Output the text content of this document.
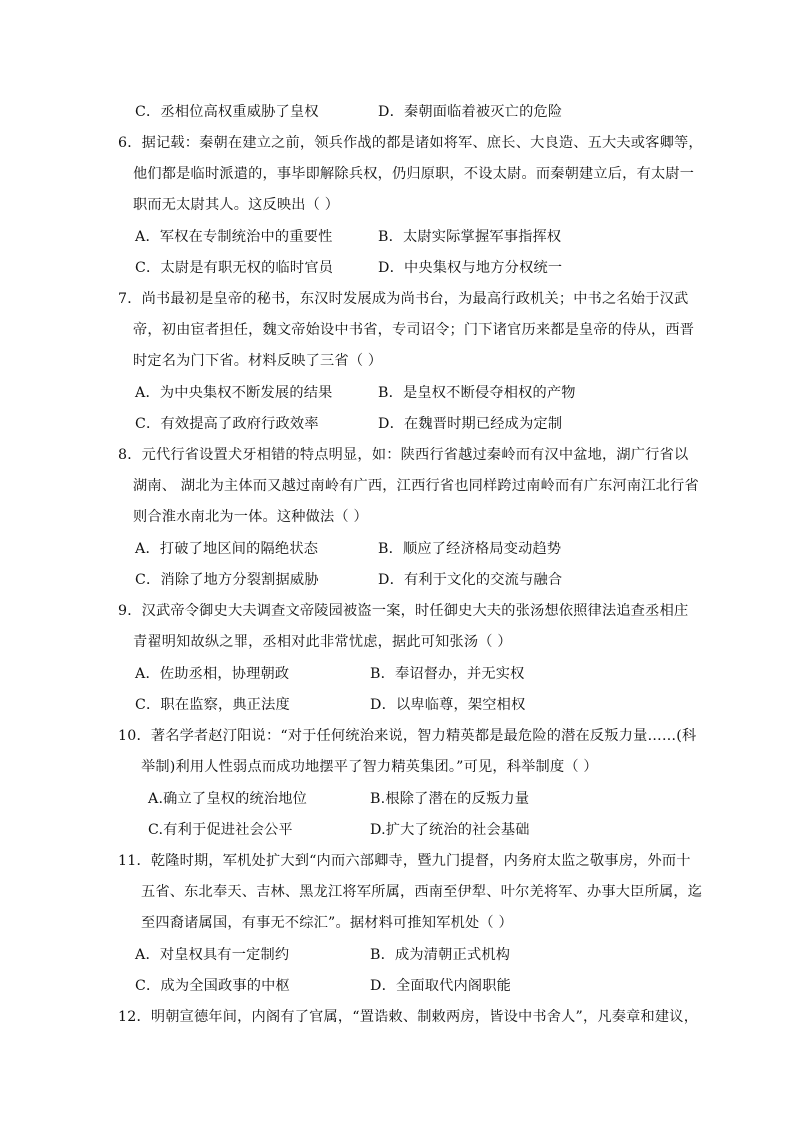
C．丞相位高权重威胁了皇权	D．秦朝面临着被灭亡的危险
6．据记载：秦朝在建立之前，领兵作战的都是诸如将军、庶长、大良造、五大夫或客卿等，
他们都是临时派遣的，事毕即解除兵权，仍归原职，不设太尉。而秦朝建立后，有太尉一
职而无太尉其人。这反映出（ ）
A．军权在专制统治中的重要性	B．太尉实际掌握军事指挥权
C．太尉是有职无权的临时官员	D．中央集权与地方分权统一
7．尚书最初是皇帝的秘书，东汉时发展成为尚书台，为最高行政机关；中书之名始于汉武
帝，初由宦者担任，魏文帝始设中书省，专司诏令；门下诸官历来都是皇帝的侍从，西晋
时定名为门下省。材料反映了三省（ ）
A．为中央集权不断发展的结果	B．是皇权不断侵夺相权的产物
C．有效提高了政府行政效率	D．在魏晋时期已经成为定制
8．元代行省设置犬牙相错的特点明显，如：陕西行省越过秦岭而有汉中盆地，湖广行省以
湖南、 湖北为主体而又越过南岭有广西，江西行省也同样跨过南岭而有广东河南江北行省
则合淮水南北为一体。这种做法（ ）
A．打破了地区间的隔绝状态	B．顺应了经济格局变动趋势
C．消除了地方分裂割据威胁	D．有利于文化的交流与融合
9．汉武帝令御史大夫调查文帝陵园被盗一案，时任御史大夫的张汤想依照律法追查丞相庄
青翟明知故纵之罪，丞相对此非常忧虑，据此可知张汤（ ）
A．佐助丞相，协理朝政	B．奉诏督办，并无实权
C．职在监察，典正法度	D．以卑临尊，架空相权
10．著名学者赵汀阳说：“对于任何统治来说，智力精英都是最危险的潜在反叛力量……(科
举制)利用人性弱点而成功地摆平了智力精英集团。”可见，科举制度（ ）
A.确立了皇权的统治地位	B.根除了潜在的反叛力量
C.有利于促进社会公平	D.扩大了统治的社会基础
11．乾隆时期，军机处扩大到“内而六部卿寺，暨九门提督，内务府太监之敬事房，外而十
五省、东北奉天、吉林、黑龙江将军所属，西南至伊犁、叶尔羌将军、办事大臣所属，迄
至四裔诸属国，有事无不综汇”。据材料可推知军机处（ ）
A．对皇权具有一定制约	B．成为清朝正式机构
C．成为全国政事的中枢	D．全面取代内阁职能
12．明朝宣德年间，内阁有了官属，“置诰敕、制敕两房，皆设中书舍人”，凡奏章和建议，
